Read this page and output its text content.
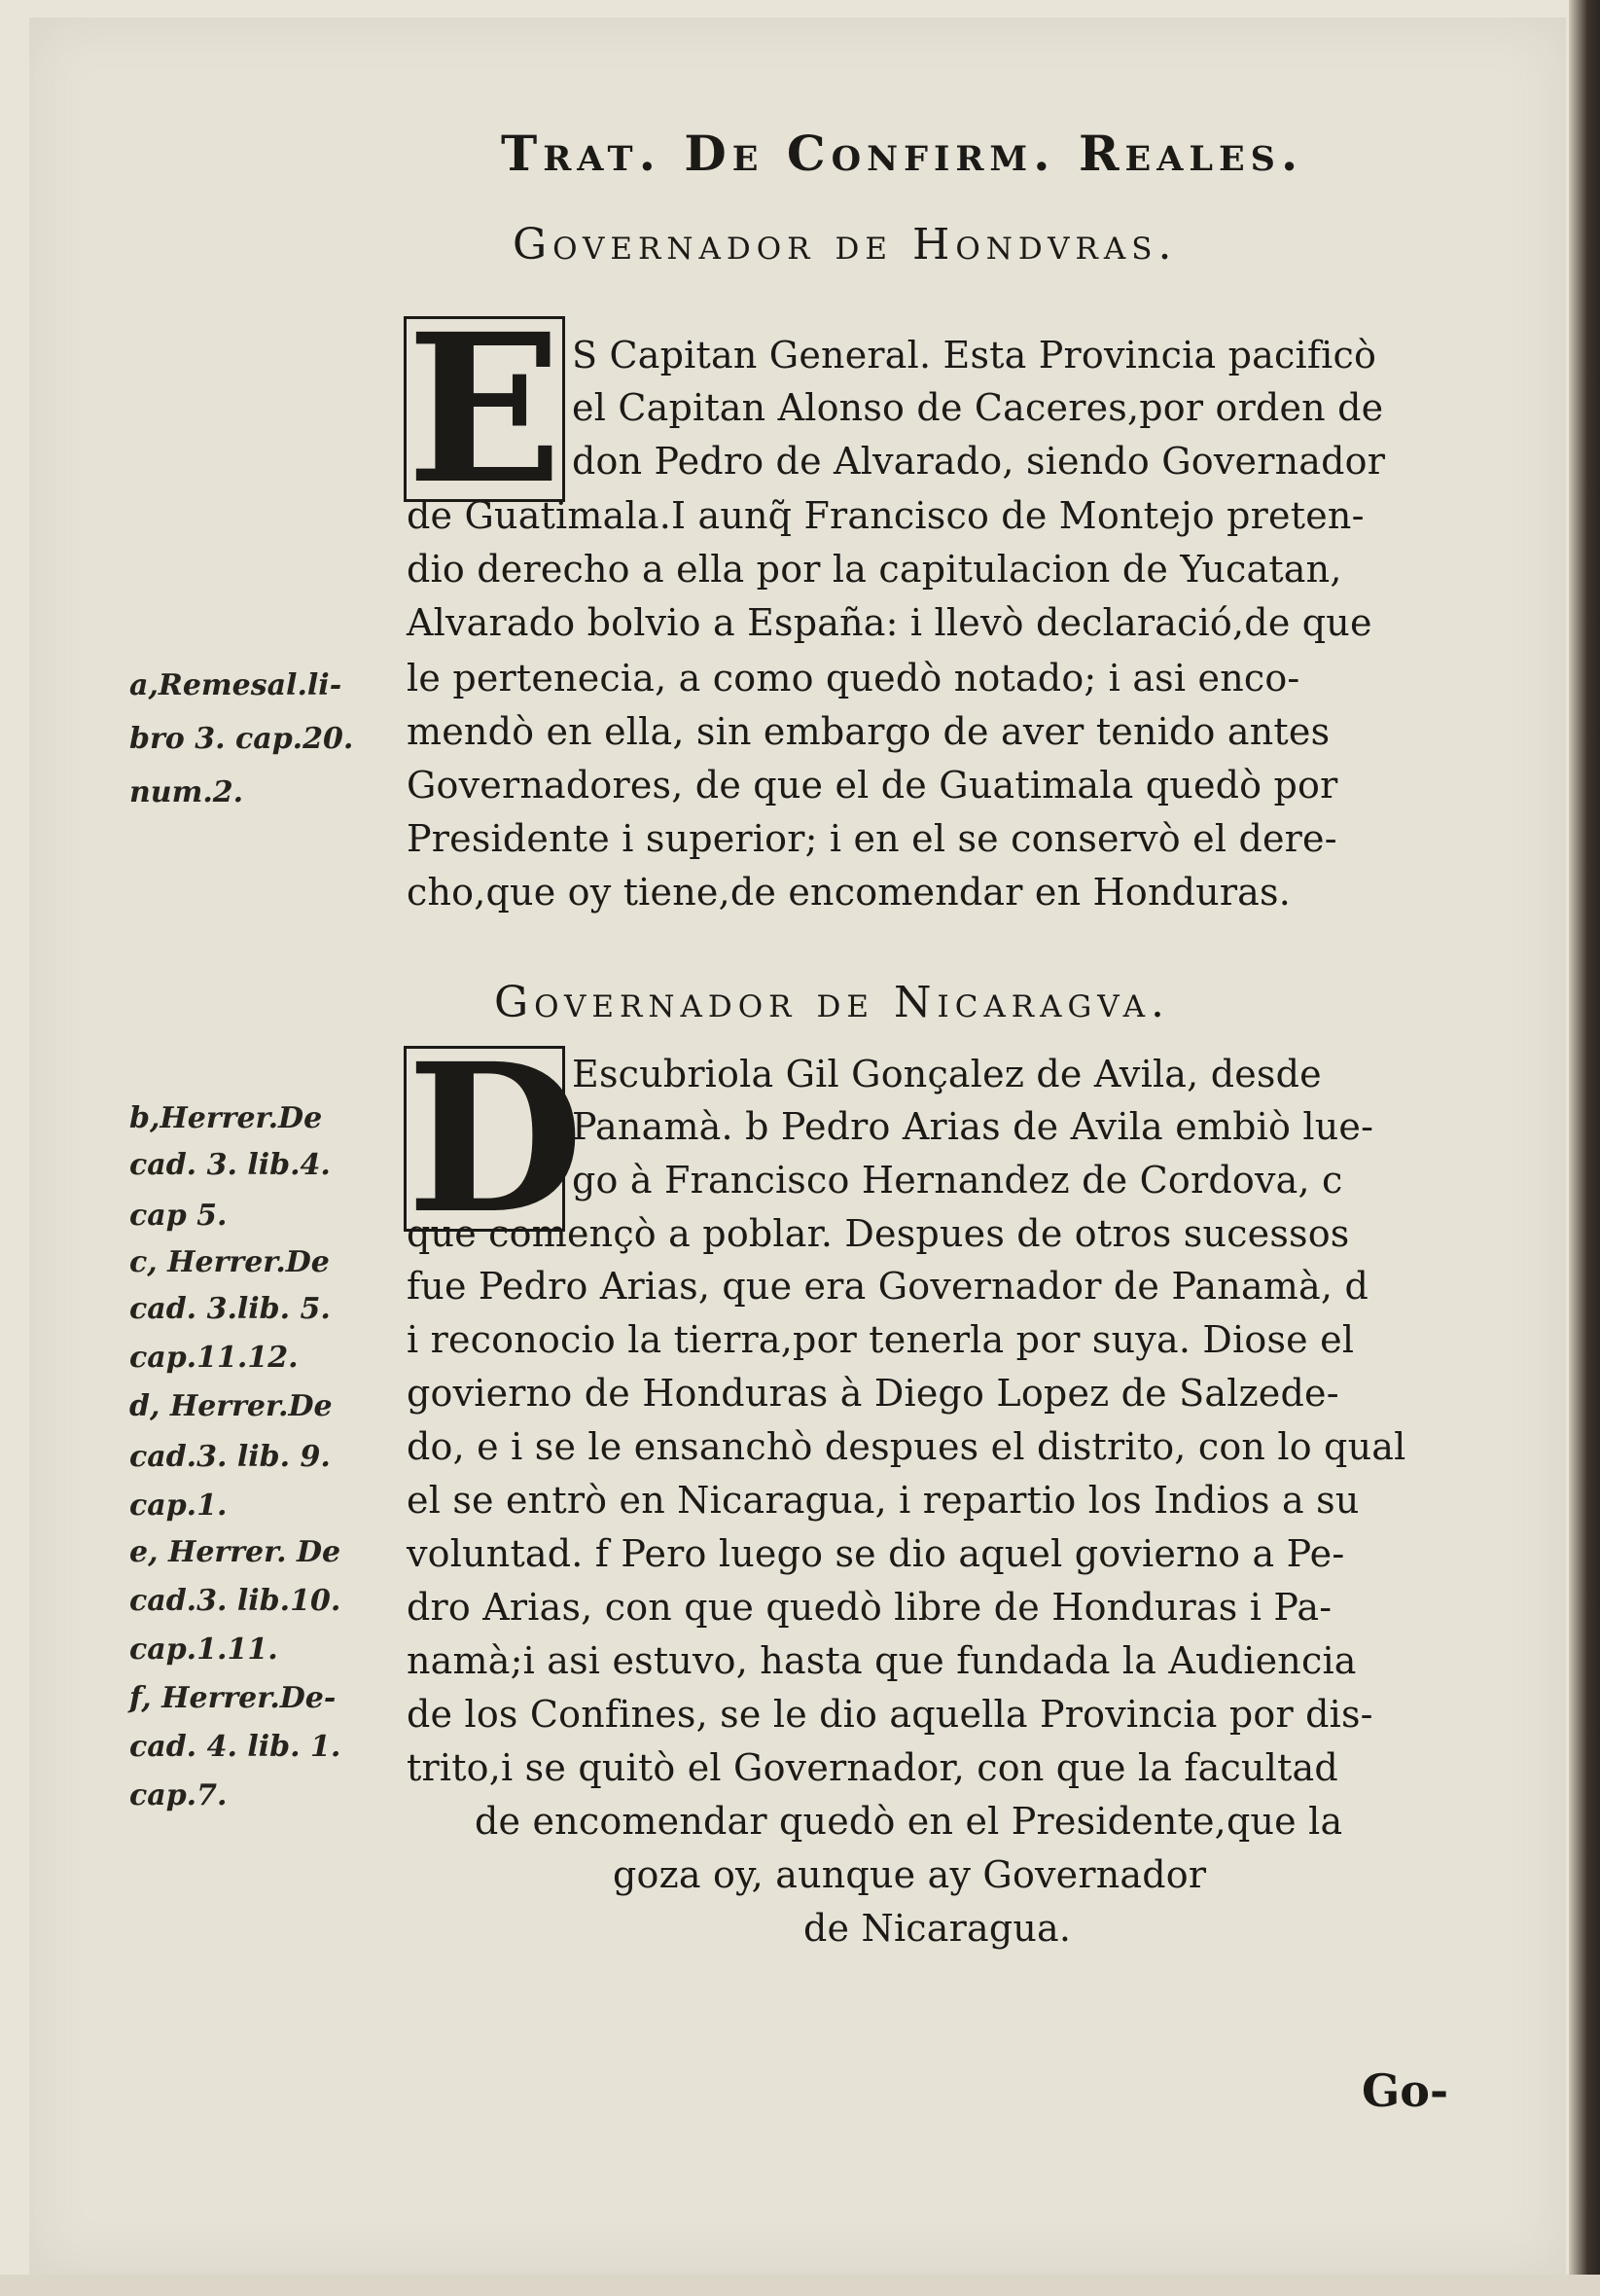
Trat. De Confirm. Reales.
Governador de Hondvras.
E S Capitan General. Esta Provincia pacificò
el Capitan Alonso de Caceres,por orden de
don Pedro de Alvarado, siendo Governador
de Guatimala.I aunq̃ Francisco de Montejo preten-
dio derecho a ella por la capitulacion de Yucatan,
Alvarado bolvio a España: i llevò declaració,de que
le pertenecia, a como quedò notado; i asi enco-
mendò en ella, sin embargo de aver tenido antes
Governadores, de que el de Guatimala quedò por
Presidente i superior; i en el se conservò el dere-
cho,que oy tiene,de encomendar en Honduras.
a,Remesal.li-
bro 3. cap.20.
num.2.
Governador de Nicaragva.
D
Escubriola Gil Gonçalez de Avila, desde
Panamà. b Pedro Arias de Avila embiò lue-
go à Francisco Hernandez de Cordova, c
que començò a poblar. Despues de otros sucessos
fue Pedro Arias, que era Governador de Panamà, d
i reconocio la tierra,por tenerla por suya. Diose el
govierno de Honduras à Diego Lopez de Salzede-
do, e i se le ensanchò despues el distrito, con lo qual
el se entrò en Nicaragua, i repartio los Indios a su
voluntad. f Pero luego se dio aquel govierno a Pe-
dro Arias, con que quedò libre de Honduras i Pa-
namà;i asi estuvo, hasta que fundada la Audiencia
de los Confines, se le dio aquella Provincia por dis-
trito,i se quitò el Governador, con que la facultad
de encomendar quedò en el Presidente,que la
goza oy, aunque ay Governador
de Nicaragua.
b,Herrer.De
cad. 3. lib.4.
cap 5.
c, Herrer.De
cad. 3.lib. 5.
cap.11.12.
d, Herrer.De
cad.3. lib. 9.
cap.1.
e, Herrer. De
cad.3. lib.10.
cap.1.11.
f, Herrer.De-
cad. 4. lib. 1.
cap.7.
Go-
